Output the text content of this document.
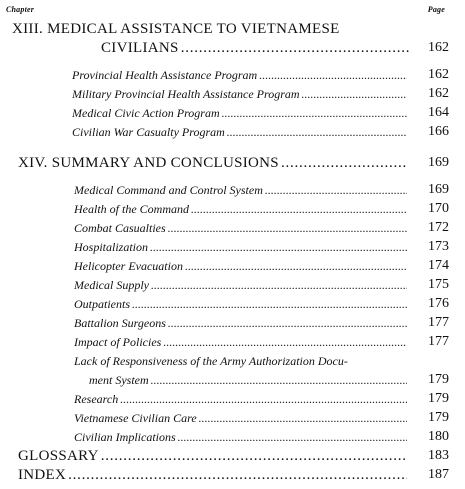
Chapter	Page
XIII. MEDICAL ASSISTANCE TO VIETNAMESE
CIVILIANS . . .	162
Provincial Health Assistance Program . . .	162
Military Provincial Health Assistance Program . . .	162
Medical Civic Action Program . . .	164
Civilian War Casualty Program . . .	166
XIV. SUMMARY AND CONCLUSIONS . . .	169
Medical Command and Control System . . .	169
Health of the Command . . .	170
Combat Casualties . . .	172
Hospitalization . . .	173
Helicopter Evacuation . . .	174
Medical Supply . . .	175
Outpatients . . .	176
Battalion Surgeons . . .	177
Impact of Policies . . .	177
Lack of Responsiveness of the Army Authorization Docu-
ment System . . .	179
Research . . .	179
Vietnamese Civilian Care . . .	179
Civilian Implications . . .	180
GLOSSARY . . .	183
INDEX . . .	187
